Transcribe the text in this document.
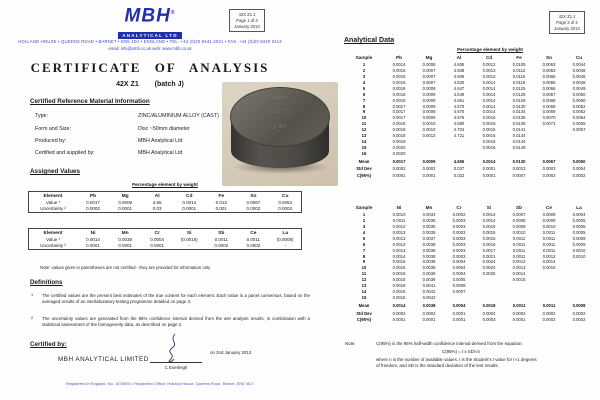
MBH®
ANALYTICAL LTD
HOLLAND HOUSE • QUEENS ROAD • BARNET • EN5 4DJ • ENGLAND • TEL. +44 (0)20 8441 2021 • FAX. +44 (0)20 8449 0413
email: info@mbh.co.uk web: www.mbh.co.uk
42X Z1 J
Page 1 of 4
January 2013
CERTIFICATE OF ANALYSIS
42X Z1 (batch J)
Certified Reference Material Information
Type:	ZINC/ALUMINIUM ALLOY (CAST)
Form and Size:	Disc ~50mm diameter
Produced by:	MBH Analytical Ltd
Certified and supplied by:	MBH Analytical Ltd
Assigned Values
Percentage element by weight
Element	Pb	Mg	Al	Cd	Fe	Sn	Cu
Value ¹	0.0017	0.0009	4.66	0.0014	0.013	0.0067	0.0053
Uncertainty ²	0.0002	0.0001	0.03	0.0001	0.001	0.0002	0.0003
Element	Ni	Mn	Cr	Si	Sb	Ce	La
Value ¹	0.0014	0.0038	0.0004	(0.0018)	0.0011	0.0011	(0.0008)
Uncertainty ²	0.0001	0.0001	0.0001	-	0.0002	0.0002	-
Note: values given in parentheses are not certified - they are provided for information only
Definitions
1 The certified values are the present best estimates of the true content for each element. Each value is a panel consensus, based on the averaged results of an interlaboratory testing programme detailed on page 3.
2 The uncertainty values are generated from the 95% confidence interval derived from the wet analysis results, in combination with a statistical assessment of the homogeneity data, as described on page 2.
Certified by:
MBH ANALYTICAL LIMITED
on 2nd January 2013
C Everleigh
Registered in England, No. 1575093 • Registered Office: Holland House, Queens Road, Barnet, EN5 4DJ.
MBH
42X Z1
J 49
42X Z1 J
Page 3 of 4
January 2013
Analytical Data
Percentage element by weight
Sample	Pb	Mg	Al	Cd	Fe	Sn	Cu
1	0.0014	0.0006	4.605	0.0012	0.0105	0.0063	0.0044
2	0.0015	0.0007	4.608	0.0013	0.0112	0.0063	0.0046
3	0.0015	0.0007	4.609	0.0013	0.0116	0.0065	0.0046
4	0.0016	0.0007	4.620	0.0014	0.0118	0.0065	0.0048
5	0.0016	0.0008	4.647	0.0014	0.0125	0.0066	0.0049
6	0.0016	0.0009	4.649	0.0014	0.0126	0.0067	0.0050
7	0.0016	0.0009	4.661	0.0014	0.0129	0.0068	0.0050
8	0.0017	0.0009	4.670	0.0014	0.0130	0.0068	0.0052
9	0.0017	0.0009	4.670	0.0014	0.0134	0.0069	0.0052
10	0.0017	0.0009	4.676	0.0015	0.0135	0.0070	0.0054
11	0.0018	0.0010	4.680	0.0015	0.0138	0.0071	0.0055
12	0.0018	0.0010	4.704	0.0015	0.0141		0.0057
13	0.0018	0.0012	4.721	0.0015	0.0144		
14	0.0019			0.0015	0.0144		
15	0.0020			0.0016	0.0149		
16	0.0020						
Mean	0.0017	0.0009	4.655	0.0014	0.0130	0.0067	0.0050
Std Dev	0.0002	0.0002	0.037	0.0001	0.0013	0.0003	0.0004
C(95%)	0.0001	0.0001	0.022	0.0001	0.0007	0.0002	0.0002
Sample	Ni	Mn	Cr	Si	Sb	Ce	La
1	0.0010	0.0034	0.0002	0.0014	0.0007	0.0009	0.0004
2	0.0011	0.0035	0.0003	0.0014	0.0008	0.0009	0.0005
3	0.0012	0.0035	0.0003	0.0015	0.0009	0.0010	0.0005
4	0.0013	0.0035	0.0003	0.0015	0.0010	0.0011	0.0005
5	0.0013	0.0037	0.0003	0.0015	0.0011	0.0011	0.0009
6	0.0013	0.0038	0.0003	0.0016	0.0011	0.0011	0.0009
7	0.0013	0.0038	0.0003	0.0017	0.0011	0.0011	0.0010
8	0.0014	0.0038	0.0003	0.0021	0.0011	0.0012	0.0010
9	0.0015	0.0038	0.0004	0.0024	0.0012	0.0014	
10	0.0015	0.0038	0.0004	0.0024	0.0013	0.0016	
11	0.0015	0.0038	0.0004	0.0025	0.0014		
12	0.0015	0.0038	0.0005		0.0015		
13	0.0016	0.0041	0.0006				
14	0.0016	0.0042	0.0007				
15	0.0016	0.0042					
Mean	0.0014	0.0038	0.0004	0.0018	0.0011	0.0011	0.0008
Std Dev	0.0002	0.0002	0.0001	0.0004	0.0002	0.0002	0.0002
C(95%)	0.0001	0.0001	0.0001	0.0003	0.0001	0.0002	0.0002
Note:	C(95%) is the 95% half-width confidence interval derived from the equation:
C(95%) = t x SD/√n
where n is the number of available values, t is the Student's t value for n-1 degrees
of freedom, and SD is the standard deviation of the test results.
